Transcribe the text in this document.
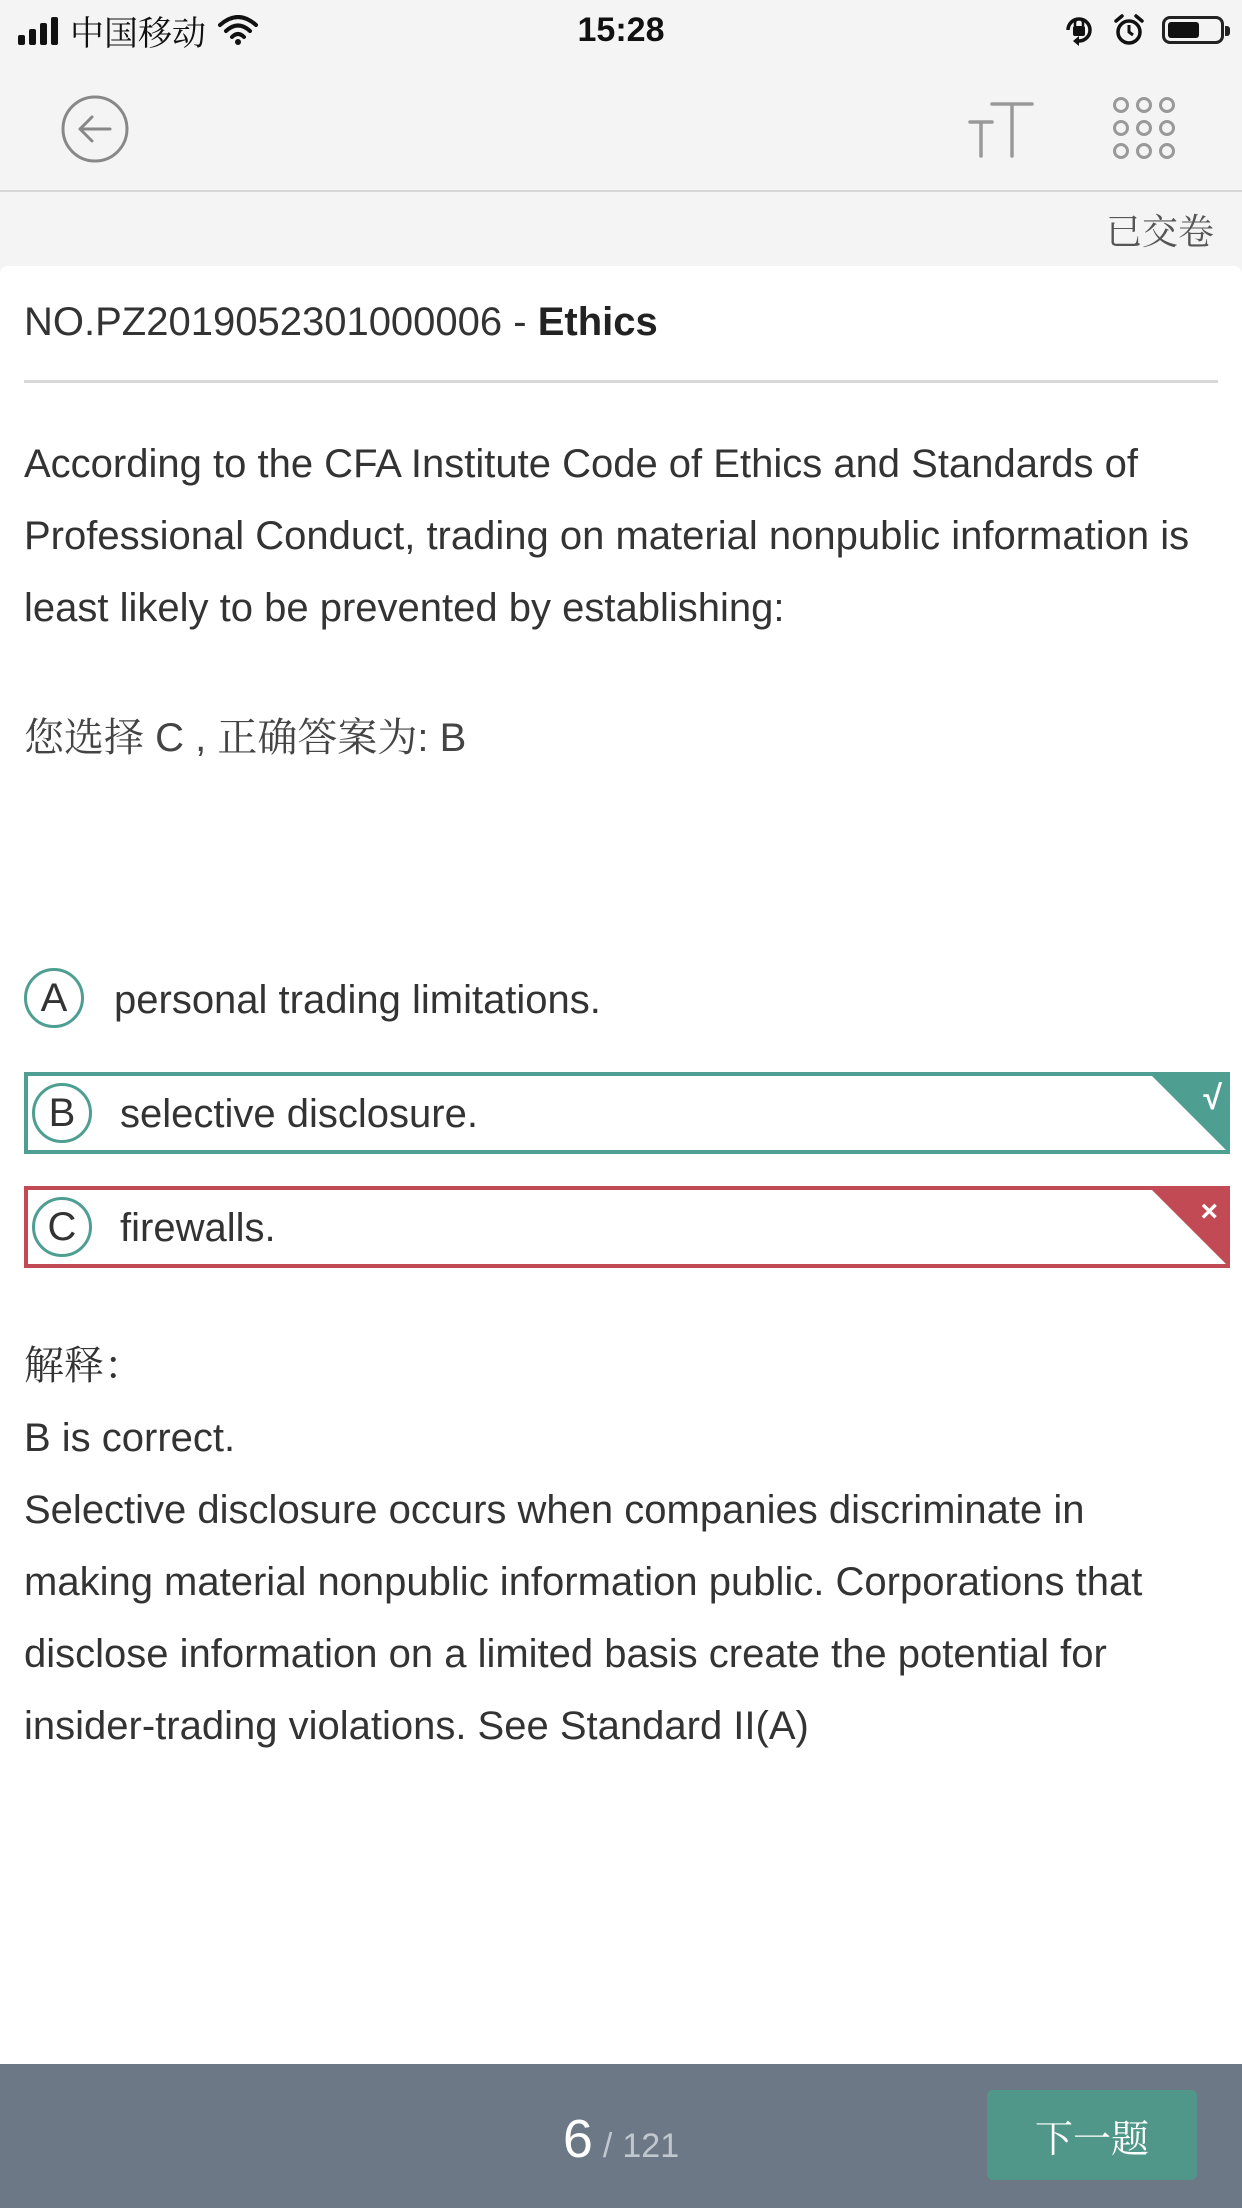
中国移动	15:28
已交卷
NO.PZ2019052301000006 - Ethics
According to the CFA Institute Code of Ethics and Standards of Professional Conduct, trading on material nonpublic information is least likely to be prevented by establishing:
您选择 C , 正确答案为: B
A	personal trading limitations.
B	selective disclosure.	√
C	firewalls.	×
解释：
B is correct.
Selective disclosure occurs when companies discriminate in making material nonpublic information public. Corporations that disclose information on a limited basis create the potential for insider-trading violations. See Standard II(A)
6 / 121	下一题
